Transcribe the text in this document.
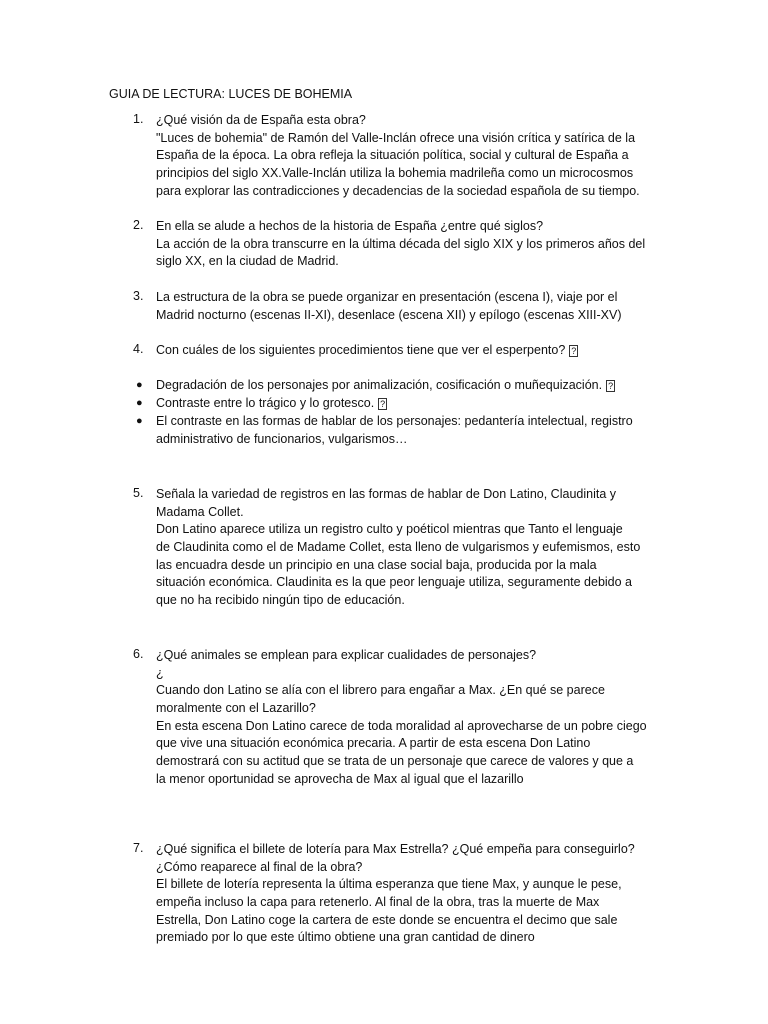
GUIA DE LECTURA: LUCES DE BOHEMIA
1. ¿Qué visión da de España esta obra?
"Luces de bohemia" de Ramón del Valle-Inclán ofrece una visión crítica y satírica de la
España de la época. La obra refleja la situación política, social y cultural de España a
principios del siglo XX.Valle-Inclán utiliza la bohemia madrileña como un microcosmos
para explorar las contradicciones y decadencias de la sociedad española de su tiempo.
2. En ella se alude a hechos de la historia de España ¿entre qué siglos?
La acción de la obra transcurre en la última década del siglo XIX y los primeros años del
siglo XX, en la ciudad de Madrid.
3. La estructura de la obra se puede organizar en presentación (escena I), viaje por el
Madrid nocturno (escenas II-XI), desenlace (escena XII) y epílogo (escenas XIII-XV)
4. Con cuáles de los siguientes procedimientos tiene que ver el esperpento? ?
● Degradación de los personajes por animalización, cosificación o muñequización. ?
● Contraste entre lo trágico y lo grotesco. ?
● El contraste en las formas de hablar de los personajes: pedantería intelectual, registro
administrativo de funcionarios, vulgarismos…
5. Señala la variedad de registros en las formas de hablar de Don Latino, Claudinita y
Madama Collet.
Don Latino aparece utiliza un registro culto y poéticol mientras que Tanto el lenguaje
de Claudinita como el de Madame Collet, esta lleno de vulgarismos y eufemismos, esto
las encuadra desde un principio en una clase social baja, producida por la mala
situación económica. Claudinita es la que peor lenguaje utiliza, seguramente debido a
que no ha recibido ningún tipo de educación.
6. ¿Qué animales se emplean para explicar cualidades de personajes?
¿
Cuando don Latino se alía con el librero para engañar a Max. ¿En qué se parece
moralmente con el Lazarillo?
En esta escena Don Latino carece de toda moralidad al aprovecharse de un pobre ciego
que vive una situación económica precaria. A partir de esta escena Don Latino
demostrará con su actitud que se trata de un personaje que carece de valores y que a
la menor oportunidad se aprovecha de Max al igual que el lazarillo
7. ¿Qué significa el billete de lotería para Max Estrella? ¿Qué empeña para conseguirlo?
¿Cómo reaparece al final de la obra?
El billete de lotería representa la última esperanza que tiene Max, y aunque le pese,
empeña incluso la capa para retenerlo. Al final de la obra, tras la muerte de Max
Estrella, Don Latino coge la cartera de este donde se encuentra el decimo que sale
premiado por lo que este último obtiene una gran cantidad de dinero
